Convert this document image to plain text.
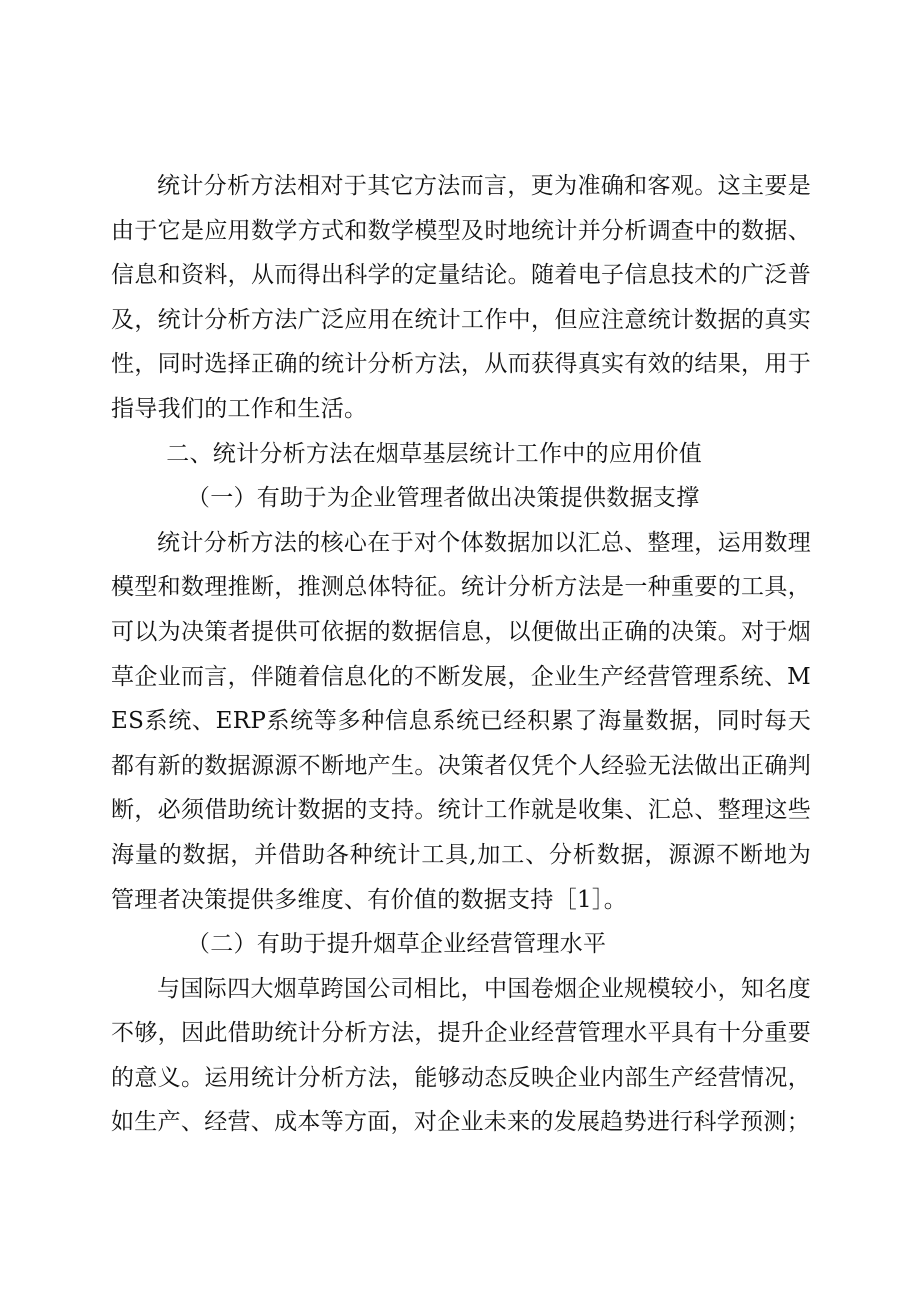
统计分析方法相对于其它方法而言，更为准确和客观。这主要是由于它是应用数学方式和数学模型及时地统计并分析调查中的数据、信息和资料，从而得出科学的定量结论。随着电子信息技术的广泛普及，统计分析方法广泛应用在统计工作中，但应注意统计数据的真实性，同时选择正确的统计分析方法，从而获得真实有效的结果，用于指导我们的工作和生活。

二、统计分析方法在烟草基层统计工作中的应用价值

（一）有助于为企业管理者做出决策提供数据支撑

统计分析方法的核心在于对个体数据加以汇总、整理，运用数理模型和数理推断，推测总体特征。统计分析方法是一种重要的工具，可以为决策者提供可依据的数据信息，以便做出正确的决策。对于烟草企业而言，伴随着信息化的不断发展，企业生产经营管理系统、MES系统、ERP系统等多种信息系统已经积累了海量数据，同时每天都有新的数据源源不断地产生。决策者仅凭个人经验无法做出正确判断，必须借助统计数据的支持。统计工作就是收集、汇总、整理这些海量的数据，并借助各种统计工具,加工、分析数据，源源不断地为管理者决策提供多维度、有价值的数据支持［1］。

（二）有助于提升烟草企业经营管理水平

与国际四大烟草跨国公司相比，中国卷烟企业规模较小，知名度不够，因此借助统计分析方法，提升企业经营管理水平具有十分重要的意义。运用统计分析方法，能够动态反映企业内部生产经营情况，如生产、经营、成本等方面，对企业未来的发展趋势进行科学预测；
